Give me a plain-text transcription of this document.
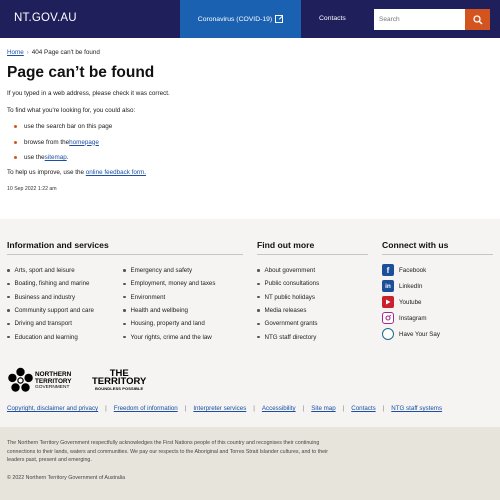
NT.GOV.AU	Coronavirus (COVID-19)	Contacts
Search
Home › 404 Page can't be found
Page can’t be found

If you typed in a web address, please check it was correct.

To find what you're looking for, you could also:

use the search bar on this page
browse from the homepage
use the sitemap .

To help us improve, use the online feedback form.

10 Sep 2022 1:22 am

Information and services	Find out more	Connect with us
Arts, sport and leisure
Boating, fishing and marine
Business and industry
Community support and care
Driving and transport
Education and learning
Emergency and safety
Employment, money and taxes
Environment
Health and wellbeing
Housing, property and land
Your rights, crime and the law
About government
Public consultations
NT public holidays
Media releases
Government grants
NTG staff directory
f	Facebook
in	LinkedIn
Youtube
Instagram
Have Your Say
NORTHERN
TERRITORY
GOVERNMENT
THE
TERRITORY
BOUNDLESS POSSIBLE
Copyright, disclaimer and privacy | Freedom of information | Interpreter services | Accessibility | Site map | Contacts | NTG staff systems

The Northern Territory Government respectfully acknowledges the First Nations people of this country and recognises their continuing connections to their lands, waters and communities. We pay our respects to the Aboriginal and Torres Strait Islander cultures, and to their leaders past, present and emerging.

© 2022 Northern Territory Government of Australia
